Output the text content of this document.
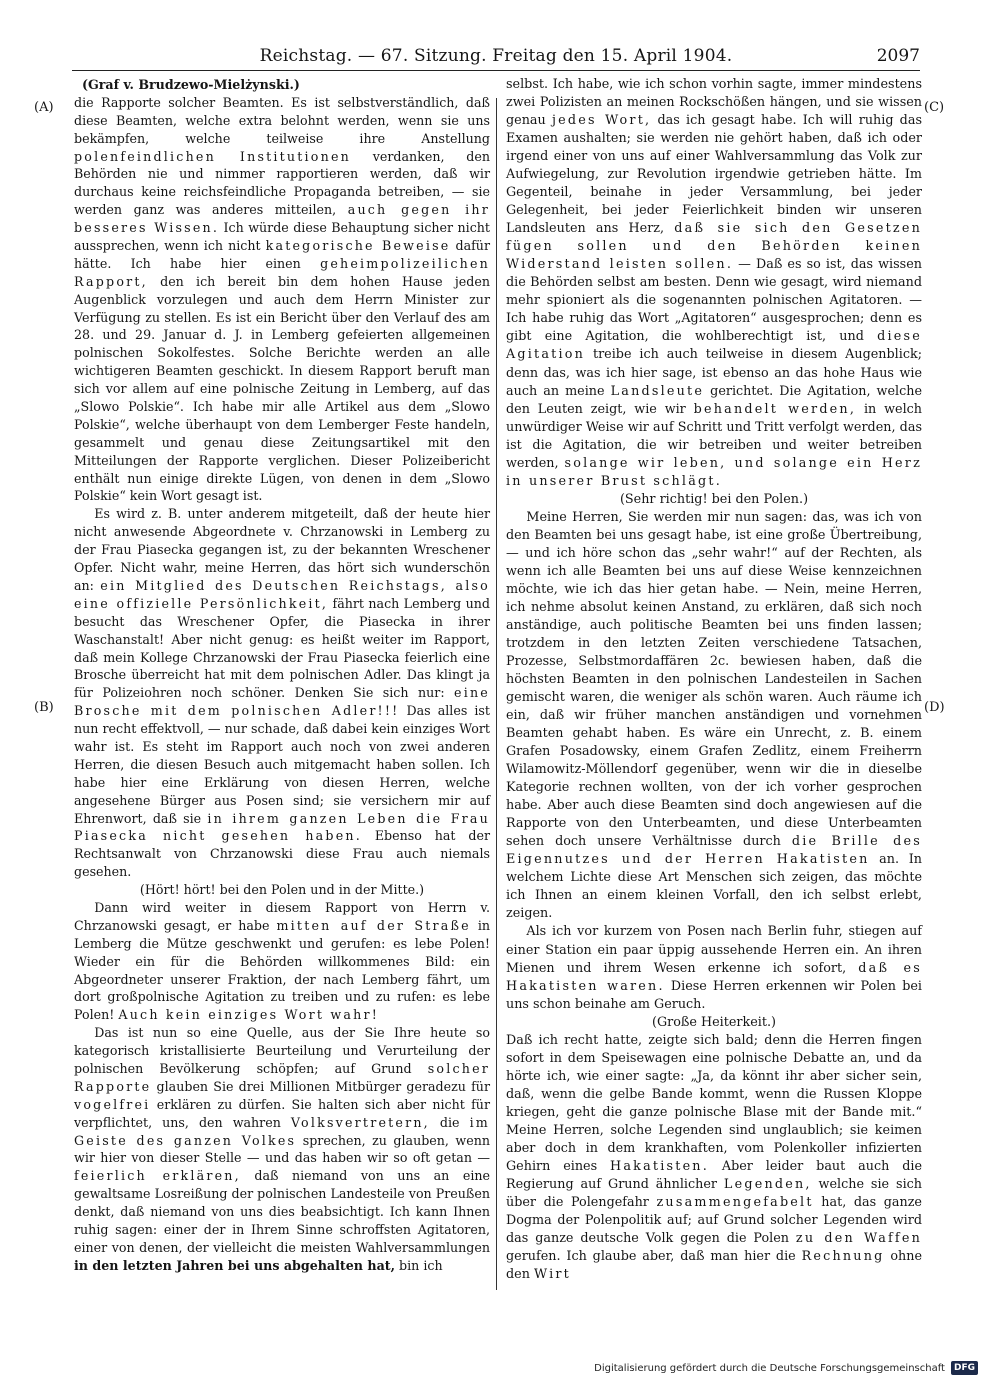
Reichstag. — 67. Sitzung. Freitag den 15. April 1904.	2097
(A)
(B)
(C)
(D)

(Graf v. Brudzewo-Mielżynski.)

die Rapporte solcher Beamten. Es ist selbstverständlich, daß diese Beamten, welche extra belohnt werden, wenn sie uns bekämpfen, welche teilweise ihre Anstellung polenfeindlichen Institutionen verdanken, den Behörden nie und nimmer rapportieren werden, daß wir durchaus keine reichsfeindliche Propaganda betreiben, — sie werden ganz was anderes mitteilen, auch gegen ihr besseres Wissen. Ich würde diese Behauptung sicher nicht aussprechen, wenn ich nicht kategorische Beweise dafür hätte. Ich habe hier einen geheimpolizeilichen Rapport, den ich bereit bin dem hohen Hause jeden Augenblick vorzulegen und auch dem Herrn Minister zur Verfügung zu stellen. Es ist ein Bericht über den Verlauf des am 28. und 29. Januar d. J. in Lemberg gefeierten allgemeinen polnischen Sokolfestes. Solche Berichte werden an alle wichtigeren Beamten geschickt. In diesem Rapport beruft man sich vor allem auf eine polnische Zeitung in Lemberg, auf das „Slowo Polskie“. Ich habe mir alle Artikel aus dem „Slowo Polskie“, welche überhaupt von dem Lemberger Feste handeln, gesammelt und genau diese Zeitungsartikel mit den Mitteilungen der Rapporte verglichen. Dieser Polizeibericht enthält nun einige direkte Lügen, von denen in dem „Slowo Polskie“ kein Wort gesagt ist.

Es wird z. B. unter anderem mitgeteilt, daß der heute hier nicht anwesende Abgeordnete v. Chrzanowski in Lemberg zu der Frau Piasecka gegangen ist, zu der bekannten Wreschener Opfer. Nicht wahr, meine Herren, das hört sich wunderschön an: ein Mitglied des Deutschen Reichstags, also eine offizielle Persönlichkeit, fährt nach Lemberg und besucht das Wreschener Opfer, die Piasecka in ihrer Waschanstalt! Aber nicht genug: es heißt weiter im Rapport, daß mein Kollege Chrzanowski der Frau Piasecka feierlich eine Brosche überreicht hat mit dem polnischen Adler. Das klingt ja für Polizeiohren noch schöner. Denken Sie sich nur: eine Brosche mit dem polnischen Adler!!! Das alles ist nun recht effektvoll, — nur schade, daß dabei kein einziges Wort wahr ist. Es steht im Rapport auch noch von zwei anderen Herren, die diesen Besuch auch mitgemacht haben sollen. Ich habe hier eine Erklärung von diesen Herren, welche angesehene Bürger aus Posen sind; sie versichern mir auf Ehrenwort, daß sie in ihrem ganzen Leben die Frau Piasecka nicht gesehen haben. Ebenso hat der Rechtsanwalt von Chrzanowski diese Frau auch niemals gesehen.

(Hört! hört! bei den Polen und in der Mitte.)

Dann wird weiter in diesem Rapport von Herrn v. Chrzanowski gesagt, er habe mitten auf der Straße in Lemberg die Mütze geschwenkt und gerufen: es lebe Polen! Wieder ein für die Behörden willkommenes Bild: ein Abgeordneter unserer Fraktion, der nach Lemberg fährt, um dort großpolnische Agitation zu treiben und zu rufen: es lebe Polen! Auch kein einziges Wort wahr!

Das ist nun so eine Quelle, aus der Sie Ihre heute so kategorisch kristallisierte Beurteilung und Verurteilung der polnischen Bevölkerung schöpfen; auf Grund solcher Rapporte glauben Sie drei Millionen Mitbürger geradezu für vogelfrei erklären zu dürfen. Sie halten sich aber nicht für verpflichtet, uns, den wahren Volksvertretern, die im Geiste des ganzen Volkes sprechen, zu glauben, wenn wir hier von dieser Stelle — und das haben wir so oft getan — feierlich erklären, daß niemand von uns an eine gewaltsame Losreißung der polnischen Landesteile von Preußen denkt, daß niemand von uns dies beabsichtigt. Ich kann Ihnen ruhig sagen: einer der in Ihrem Sinne schroffsten Agitatoren, einer von denen, der vielleicht die meisten Wahlversammlungen in den letzten Jahren bei uns abgehalten hat, bin ich

selbst. Ich habe, wie ich schon vorhin sagte, immer mindestens zwei Polizisten an meinen Rockschößen hängen, und sie wissen genau jedes Wort, das ich gesagt habe. Ich will ruhig das Examen aushalten; sie werden nie gehört haben, daß ich oder irgend einer von uns auf einer Wahlversammlung das Volk zur Aufwiegelung, zur Revolution irgendwie getrieben hätte. Im Gegenteil, beinahe in jeder Versammlung, bei jeder Gelegenheit, bei jeder Feierlichkeit binden wir unseren Landsleuten ans Herz, daß sie sich den Gesetzen fügen sollen und den Behörden keinen Widerstand leisten sollen. — Daß es so ist, das wissen die Behörden selbst am besten. Denn wie gesagt, wird niemand mehr spioniert als die sogenannten polnischen Agitatoren. — Ich habe ruhig das Wort „Agitatoren“ ausgesprochen; denn es gibt eine Agitation, die wohlberechtigt ist, und diese Agitation treibe ich auch teilweise in diesem Augenblick; denn das, was ich hier sage, ist ebenso an das hohe Haus wie auch an meine Landsleute gerichtet. Die Agitation, welche den Leuten zeigt, wie wir behandelt werden, in welch unwürdiger Weise wir auf Schritt und Tritt verfolgt werden, das ist die Agitation, die wir betreiben und weiter betreiben werden, solange wir leben, und solange ein Herz in unserer Brust schlägt.

(Sehr richtig! bei den Polen.)

Meine Herren, Sie werden mir nun sagen: das, was ich von den Beamten bei uns gesagt habe, ist eine große Übertreibung, — und ich höre schon das „sehr wahr!“ auf der Rechten, als wenn ich alle Beamten bei uns auf diese Weise kennzeichnen möchte, wie ich das hier getan habe. — Nein, meine Herren, ich nehme absolut keinen Anstand, zu erklären, daß sich noch anständige, auch politische Beamten bei uns finden lassen; trotzdem in den letzten Zeiten verschiedene Tatsachen, Prozesse, Selbstmordaffären 2c. bewiesen haben, daß die höchsten Beamten in den polnischen Landesteilen in Sachen gemischt waren, die weniger als schön waren. Auch räume ich ein, daß wir früher manchen anständigen und vornehmen Beamten gehabt haben. Es wäre ein Unrecht, z. B. einem Grafen Posadowsky, einem Grafen Zedlitz, einem Freiherrn Wilamowitz-Möllendorf gegenüber, wenn wir die in dieselbe Kategorie rechnen wollten, von der ich vorher gesprochen habe. Aber auch diese Beamten sind doch angewiesen auf die Rapporte von den Unterbeamten, und diese Unterbeamten sehen doch unsere Verhältnisse durch die Brille des Eigennutzes und der Herren Hakatisten an. In welchem Lichte diese Art Menschen sich zeigen, das möchte ich Ihnen an einem kleinen Vorfall, den ich selbst erlebt, zeigen.

Als ich vor kurzem von Posen nach Berlin fuhr, stiegen auf einer Station ein paar üppig aussehende Herren ein. An ihren Mienen und ihrem Wesen erkenne ich sofort, daß es Hakatisten waren. Diese Herren erkennen wir Polen bei uns schon beinahe am Geruch.

(Große Heiterkeit.)

Daß ich recht hatte, zeigte sich bald; denn die Herren fingen sofort in dem Speisewagen eine polnische Debatte an, und da hörte ich, wie einer sagte: „Ja, da könnt ihr aber sicher sein, daß, wenn die gelbe Bande kommt, wenn die Russen Kloppe kriegen, geht die ganze polnische Blase mit der Bande mit.“ Meine Herren, solche Legenden sind unglaublich; sie keimen aber doch in dem krankhaften, vom Polenkoller infizierten Gehirn eines Hakatisten. Aber leider baut auch die Regierung auf Grund ähnlicher Legenden, welche sie sich über die Polengefahr zusammengefabelt hat, das ganze Dogma der Polenpolitik auf; auf Grund solcher Legenden wird das ganze deutsche Volk gegen die Polen zu den Waffen gerufen. Ich glaube aber, daß man hier die Rechnung ohne den Wirt

Digitalisierung gefördert durch die Deutsche Forschungsgemeinschaft	DFG
